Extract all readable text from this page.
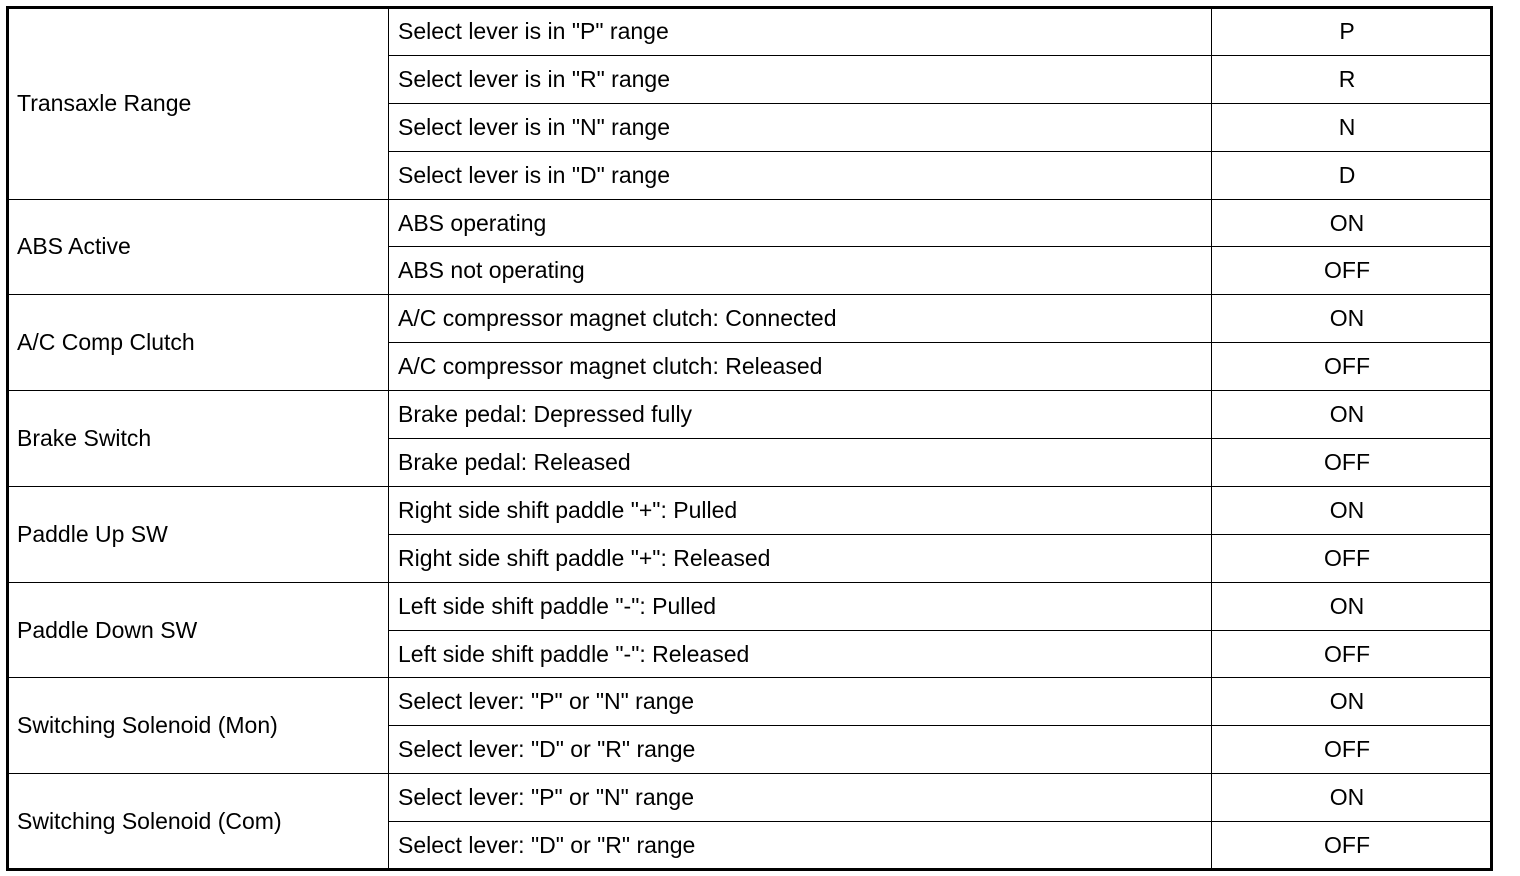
Transaxle Range	Select lever is in "P" range	P
	Select lever is in "R" range	R
	Select lever is in "N" range	N
	Select lever is in "D" range	D
ABS Active	ABS operating	ON
	ABS not operating	OFF
A/C Comp Clutch	A/C compressor magnet clutch: Connected	ON
	A/C compressor magnet clutch: Released	OFF
Brake Switch	Brake pedal: Depressed fully	ON
	Brake pedal: Released	OFF
Paddle Up SW	Right side shift paddle "+": Pulled	ON
	Right side shift paddle "+": Released	OFF
Paddle Down SW	Left side shift paddle "-": Pulled	ON
	Left side shift paddle "-": Released	OFF
Switching Solenoid (Mon)	Select lever: "P" or "N" range	ON
	Select lever: "D" or "R" range	OFF
Switching Solenoid (Com)	Select lever: "P" or "N" range	ON
	Select lever: "D" or "R" range	OFF
